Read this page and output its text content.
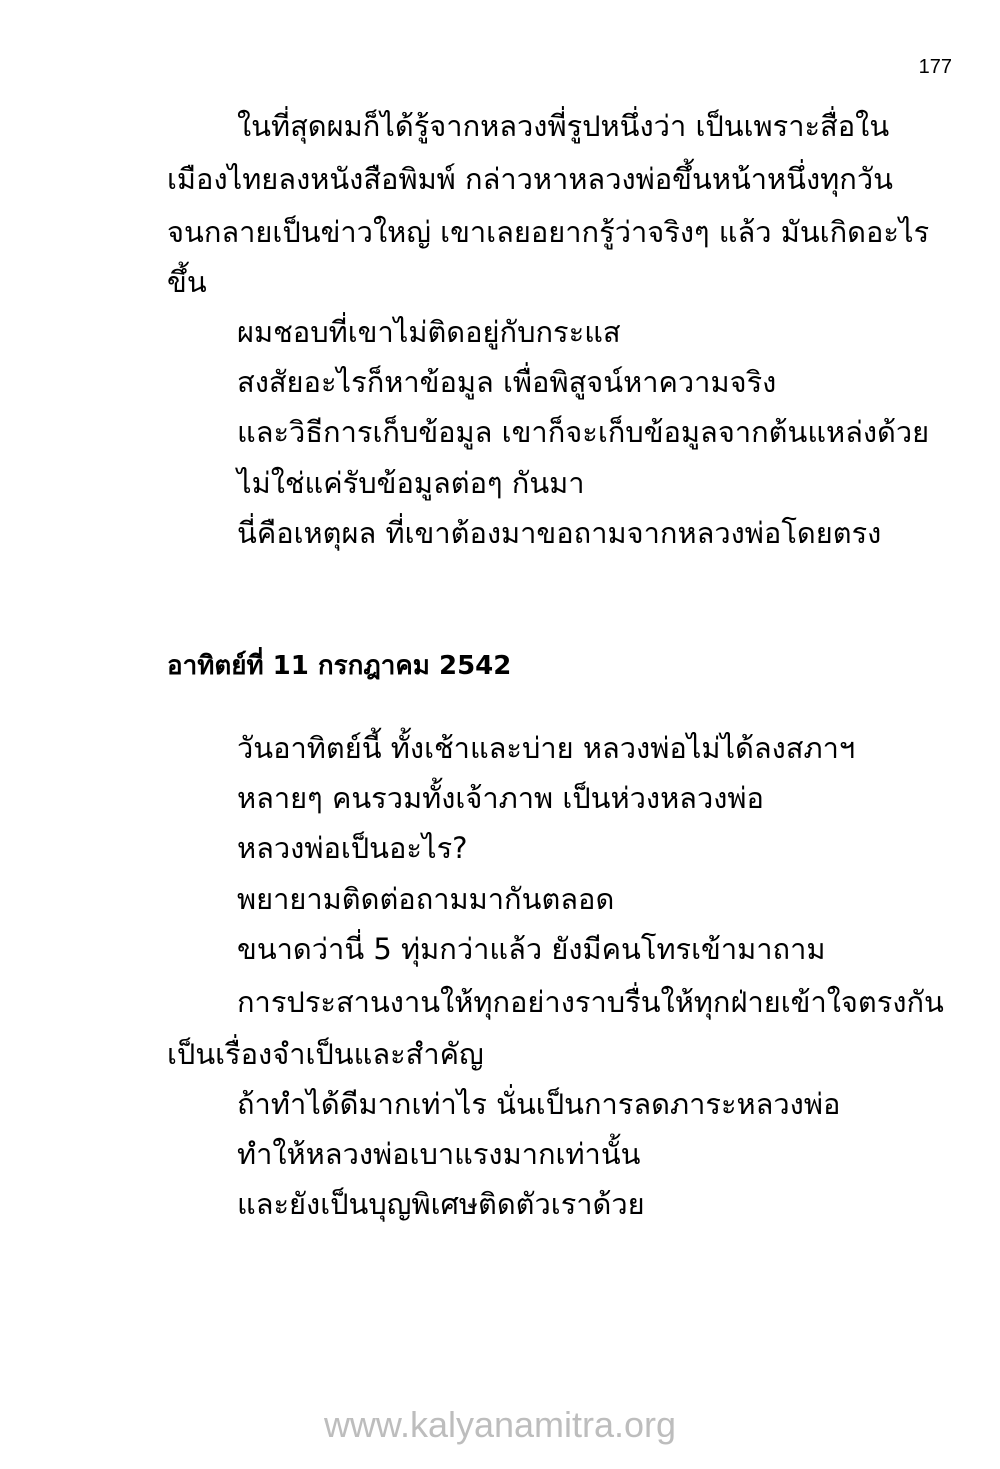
177
ในที่สุดผมก็ได้รู้จากหลวงพี่รูปหนึ่งว่า เป็นเพราะสื่อใน
เมืองไทยลงหนังสือพิมพ์ กล่าวหาหลวงพ่อขึ้นหน้าหนึ่งทุกวัน
จนกลายเป็นข่าวใหญ่ เขาเลยอยากรู้ว่าจริงๆ แล้ว มันเกิดอะไร
ขึ้น
ผมชอบที่เขาไม่ติดอยู่กับกระแส
สงสัยอะไรก็หาข้อมูล เพื่อพิสูจน์หาความจริง
และวิธีการเก็บข้อมูล เขาก็จะเก็บข้อมูลจากต้นแหล่งด้วย
ไม่ใช่แค่รับข้อมูลต่อๆ กันมา
นี่คือเหตุผล ที่เขาต้องมาขอถามจากหลวงพ่อโดยตรง
อาทิตย์ที่ 11 กรกฎาคม 2542
วันอาทิตย์นี้ ทั้งเช้าและบ่าย หลวงพ่อไม่ได้ลงสภาฯ
หลายๆ คนรวมทั้งเจ้าภาพ เป็นห่วงหลวงพ่อ
หลวงพ่อเป็นอะไร?
พยายามติดต่อถามมากันตลอด
ขนาดว่านี่ 5 ทุ่มกว่าแล้ว ยังมีคนโทรเข้ามาถาม
การประสานงานให้ทุกอย่างราบรื่นให้ทุกฝ่ายเข้าใจตรงกัน
เป็นเรื่องจำเป็นและสำคัญ
ถ้าทำได้ดีมากเท่าไร นั่นเป็นการลดภาระหลวงพ่อ
ทำให้หลวงพ่อเบาแรงมากเท่านั้น
และยังเป็นบุญพิเศษติดตัวเราด้วย
www.kalyanamitra.org
